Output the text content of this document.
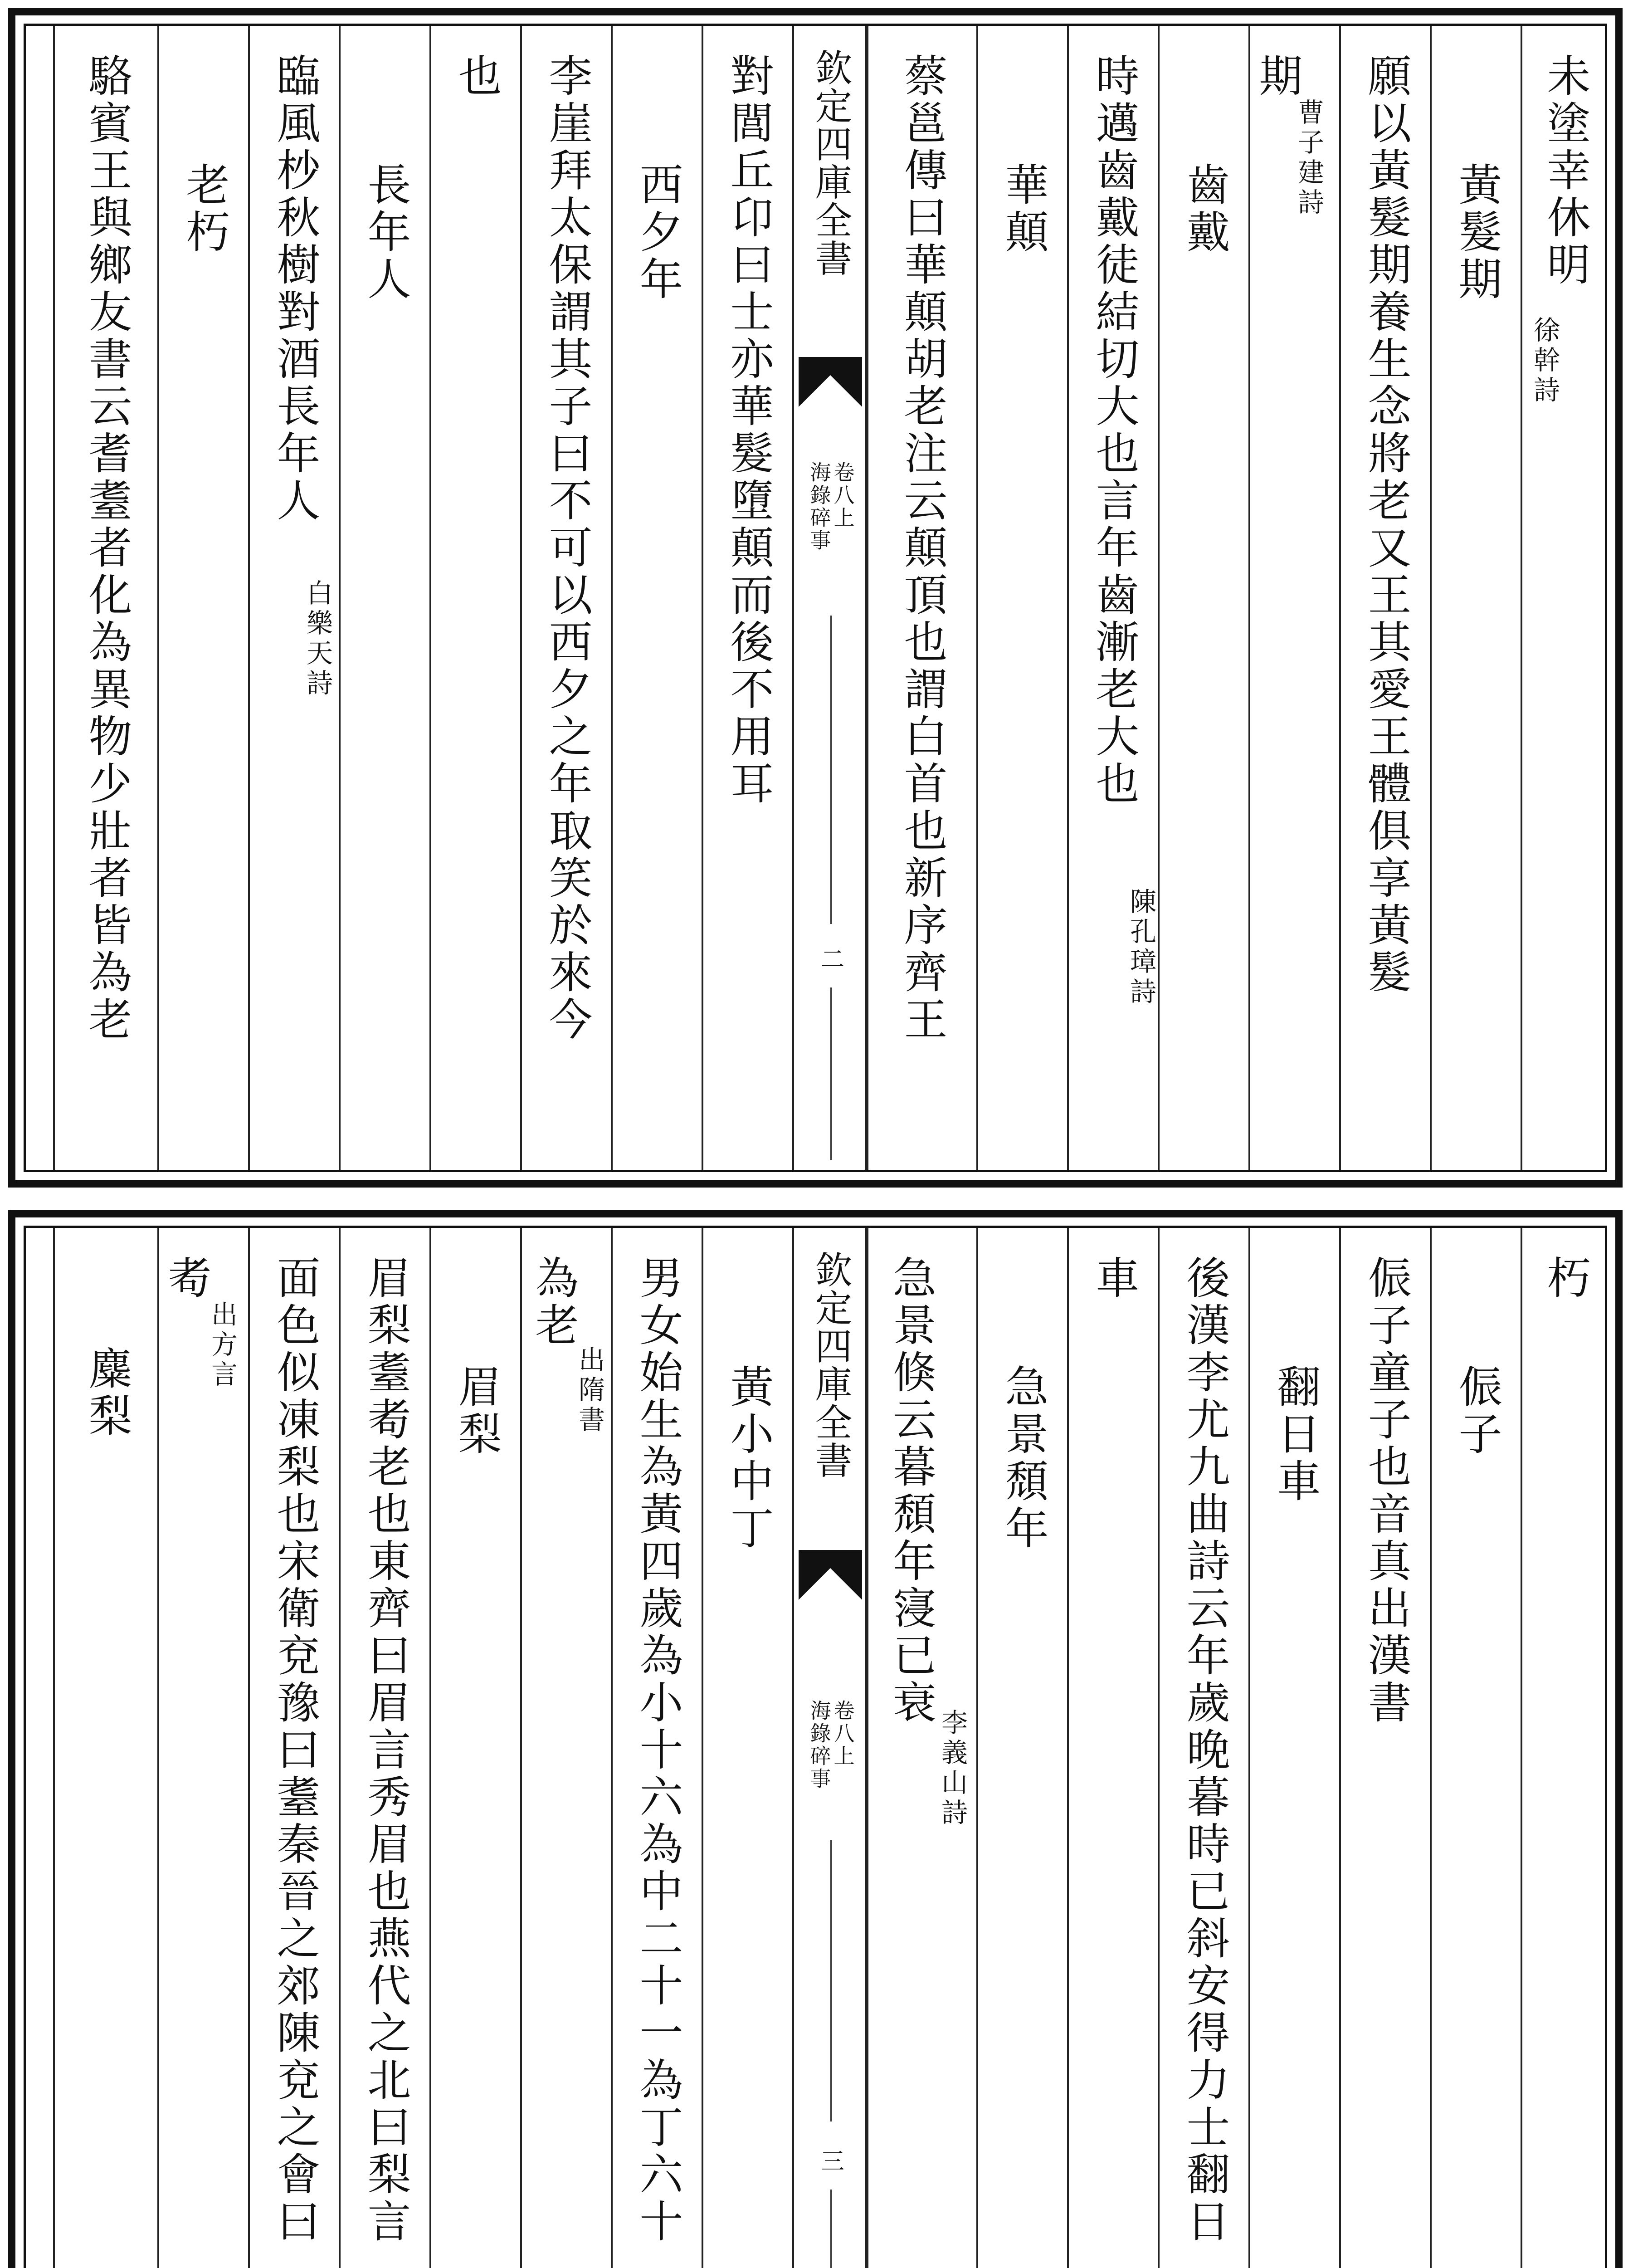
未塗幸休明
徐幹詩
黃髮期
願以黃髮期養生念將老又王其愛王體俱享黃髮
期
曹子建詩
齒戴
時邁齒戴徒結切大也言年齒漸老大也
陳孔璋詩
華顛
蔡邕傳曰華顛胡老注云顛頂也謂白首也新序齊王
欽定四庫全書
海錄碎事
卷八上
二
對閭丘卬曰士亦華髮墮顛而後不用耳
西夕年
李崖拜太保謂其子曰不可以西夕之年取笑於來今
也
長年人
臨風杪秋樹對酒長年人
白樂天詩
老朽
駱賓王與鄉友書云耆耋者化為異物少壯者皆為老
朽
侲子
侲子童子也音真出漢書
翻日車
後漢李尤九曲詩云年歲晚暮時已斜安得力士翻日
車
急景頹年
急景倏云暮頹年寖已衰
李義山詩
欽定四庫全書
海錄碎事
卷八上
三
黃小中丁
男女始生為黃四歲為小十六為中二十一為丁六十
為老
出隋書
眉梨
眉梨耋耇老也東齊曰眉言秀眉也燕代之北曰梨言
面色似凍梨也宋衛兗豫曰耋秦晉之郊陳兗之會曰
耇
出方言
麋梨
